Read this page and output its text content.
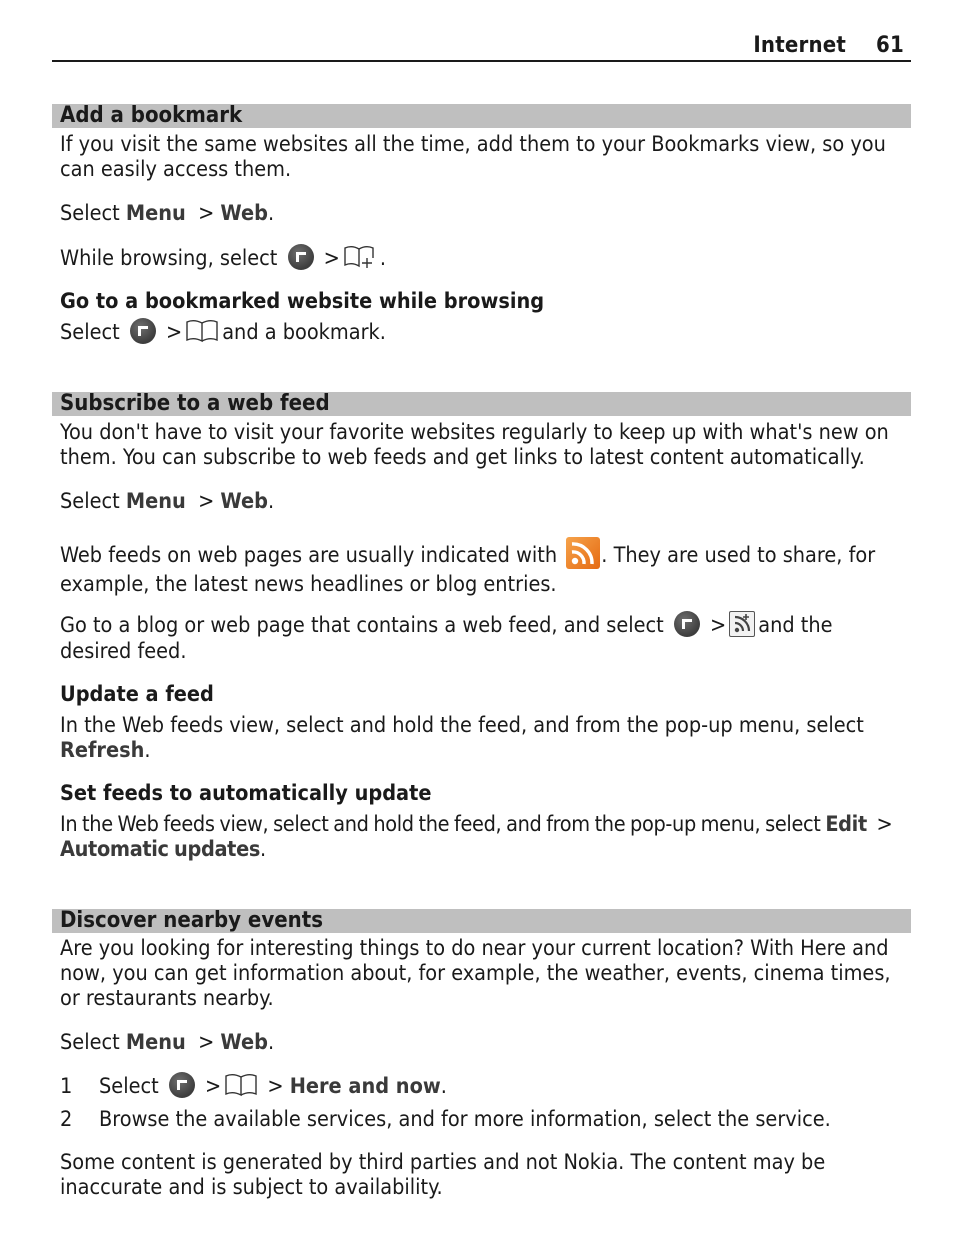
Internet 61
Add a bookmark

If you visit the same websites all the time, add them to your Bookmarks view, so you can easily access them.

Select Menu  > Web.

While browsing, select  > .

Go to a bookmarked website while browsing

Select  > and a bookmark.

Subscribe to a web feed

You don't have to visit your favorite websites regularly to keep up with what's new on them. You can subscribe to web feeds and get links to latest content automatically.

Select Menu  > Web.

Web feeds on web pages are usually indicated with . They are used to share, for example, the latest news headlines or blog entries.

Go to a blog or web page that contains a web feed, and select  > and the desired feed.

Update a feed

In the Web feeds view, select and hold the feed, and from the pop-up menu, select Refresh.

Set feeds to automatically update

In the Web feeds view, select and hold the feed, and from the pop-up menu, select Edit  > Automatic updates.

Discover nearby events

Are you looking for interesting things to do near your current location? With Here and now, you can get information about, for example, the weather, events, cinema times, or restaurants nearby.

Select Menu  > Web.

1	Select  > > Here and now.
2	Browse the available services, and for more information, select the service.

Some content is generated by third parties and not Nokia. The content may be inaccurate and is subject to availability.
